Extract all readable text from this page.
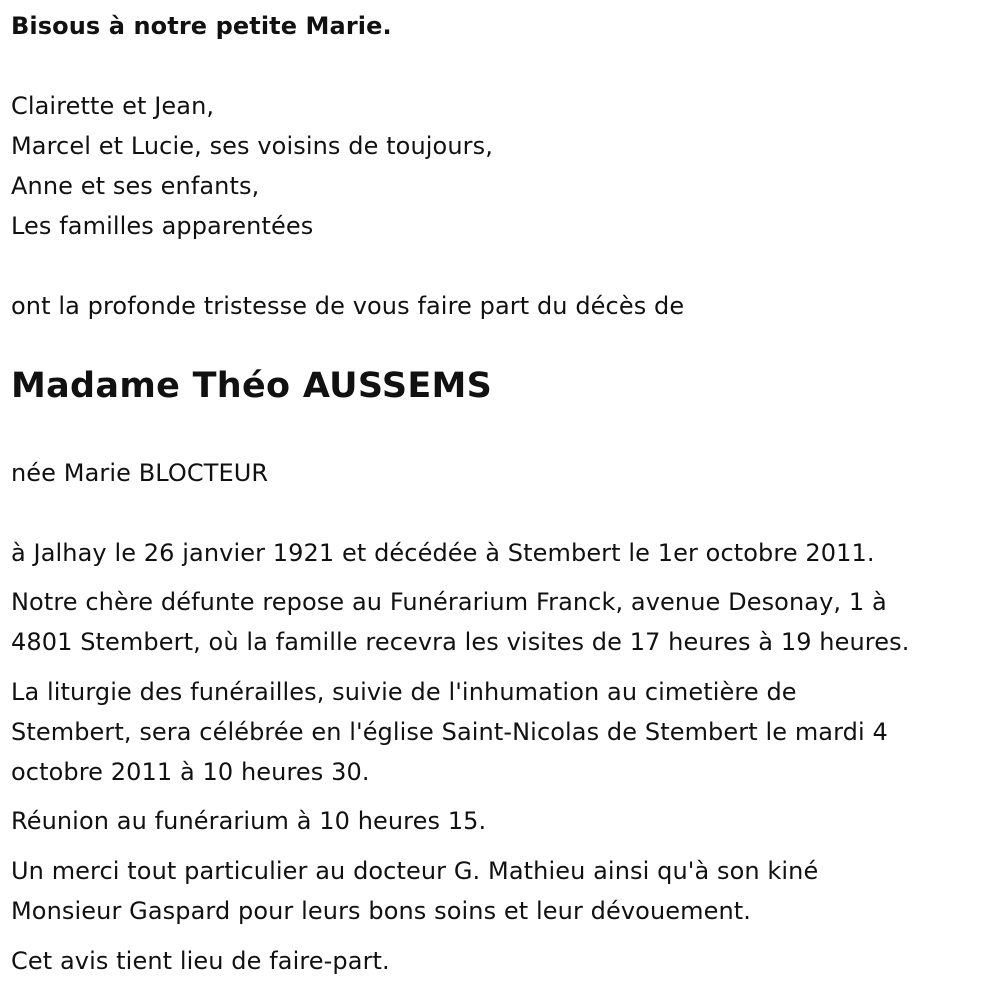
Bisous à notre petite Marie.
Clairette et Jean,
Marcel et Lucie, ses voisins de toujours,
Anne et ses enfants,
Les familles apparentées
ont la profonde tristesse de vous faire part du décès de
Madame Théo AUSSEMS
née Marie BLOCTEUR
à Jalhay le 26 janvier 1921 et décédée à Stembert le 1er octobre 2011.
Notre chère défunte repose au Funérarium Franck, avenue Desonay, 1 à
4801 Stembert, où la famille recevra les visites de 17 heures à 19 heures.
La liturgie des funérailles, suivie de l'inhumation au cimetière de
Stembert, sera célébrée en l'église Saint-Nicolas de Stembert le mardi 4
octobre 2011 à 10 heures 30.
Réunion au funérarium à 10 heures 15.
Un merci tout particulier au docteur G. Mathieu ainsi qu'à son kiné
Monsieur Gaspard pour leurs bons soins et leur dévouement.
Cet avis tient lieu de faire-part.
